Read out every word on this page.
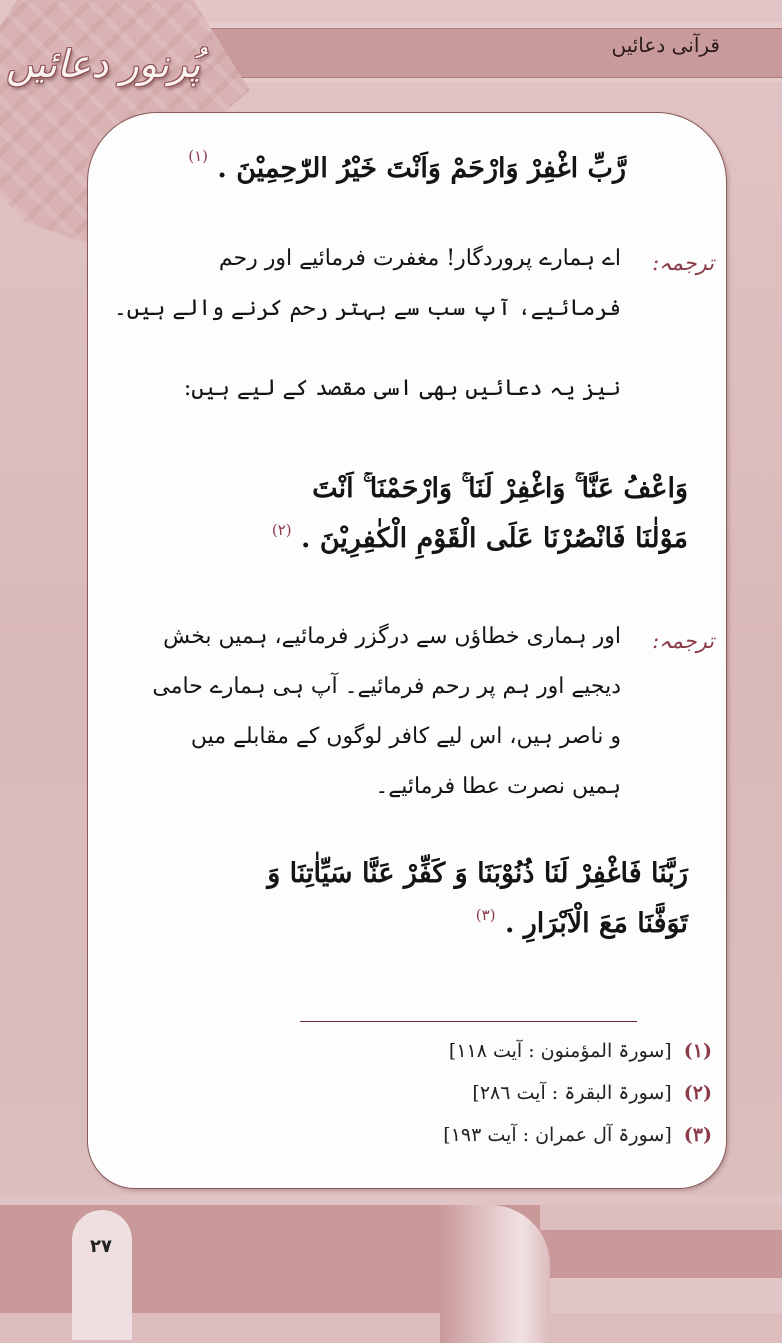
پُرنور دعائیں	قرآنی دعائیں
رَّبِّ اغْفِرْ وَارْحَمْ وَاَنْتَ خَيْرُ الرّٰحِمِيْنَ . $^{(١)}$
ترجمہ:
اے ہمارے پروردگار! مغفرت فرمائیے اور رحم
فرمائیے، آپ سب سے بہتر رحم کرنے والے ہیں۔
نیز یہ دعائیں بھی اسی مقصد کے لیے ہیں:
وَاعْفُ عَنَّا ۚ وَاغْفِرْ لَنَا ۚ وَارْحَمْنَا ۚ اَنْتَ
مَوْلٰنَا فَانْصُرْنَا عَلَى الْقَوْمِ الْكٰفِرِيْنَ . $^{(٢)}$
ترجمہ:
اور ہماری خطاؤں سے درگزر فرمائیے، ہمیں بخش
دیجیے اور ہم پر رحم فرمائیے۔ آپ ہی ہمارے حامی
و ناصر ہیں، اس لیے کافر لوگوں کے مقابلے میں
ہمیں نصرت عطا فرمائیے۔
رَبَّنَا فَاغْفِرْ لَنَا ذُنُوْبَنَا وَ كَفِّرْ عَنَّا سَيِّاٰتِنَا وَ
تَوَفَّنَا مَعَ الْاَبْرَارِ . $^{(٣)}$
(١) [سورۃ المؤمنون : آیت ١١٨]
(٢) [سورۃ البقرۃ : آیت ٢٨٦]
(٣) [سورۃ آل عمران : آیت ١٩٣]
٢٧
